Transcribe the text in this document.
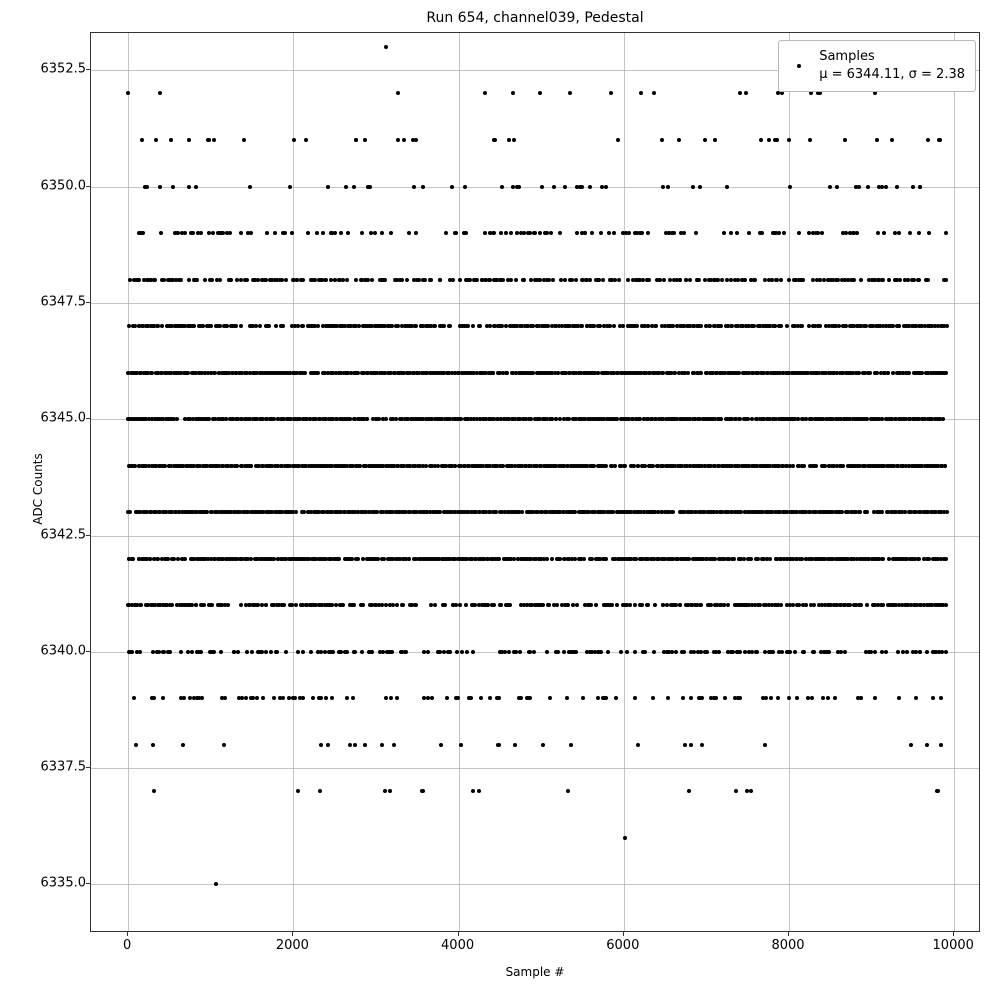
Run 654, channel039, Pedestal
ADC Counts
Sample #
6335.0
6337.5
6340.0
6342.5
6345.0
6347.5
6350.0
6352.5
0	2000	4000	6000	8000	10000
Samples
μ = 6344.11, σ = 2.38
